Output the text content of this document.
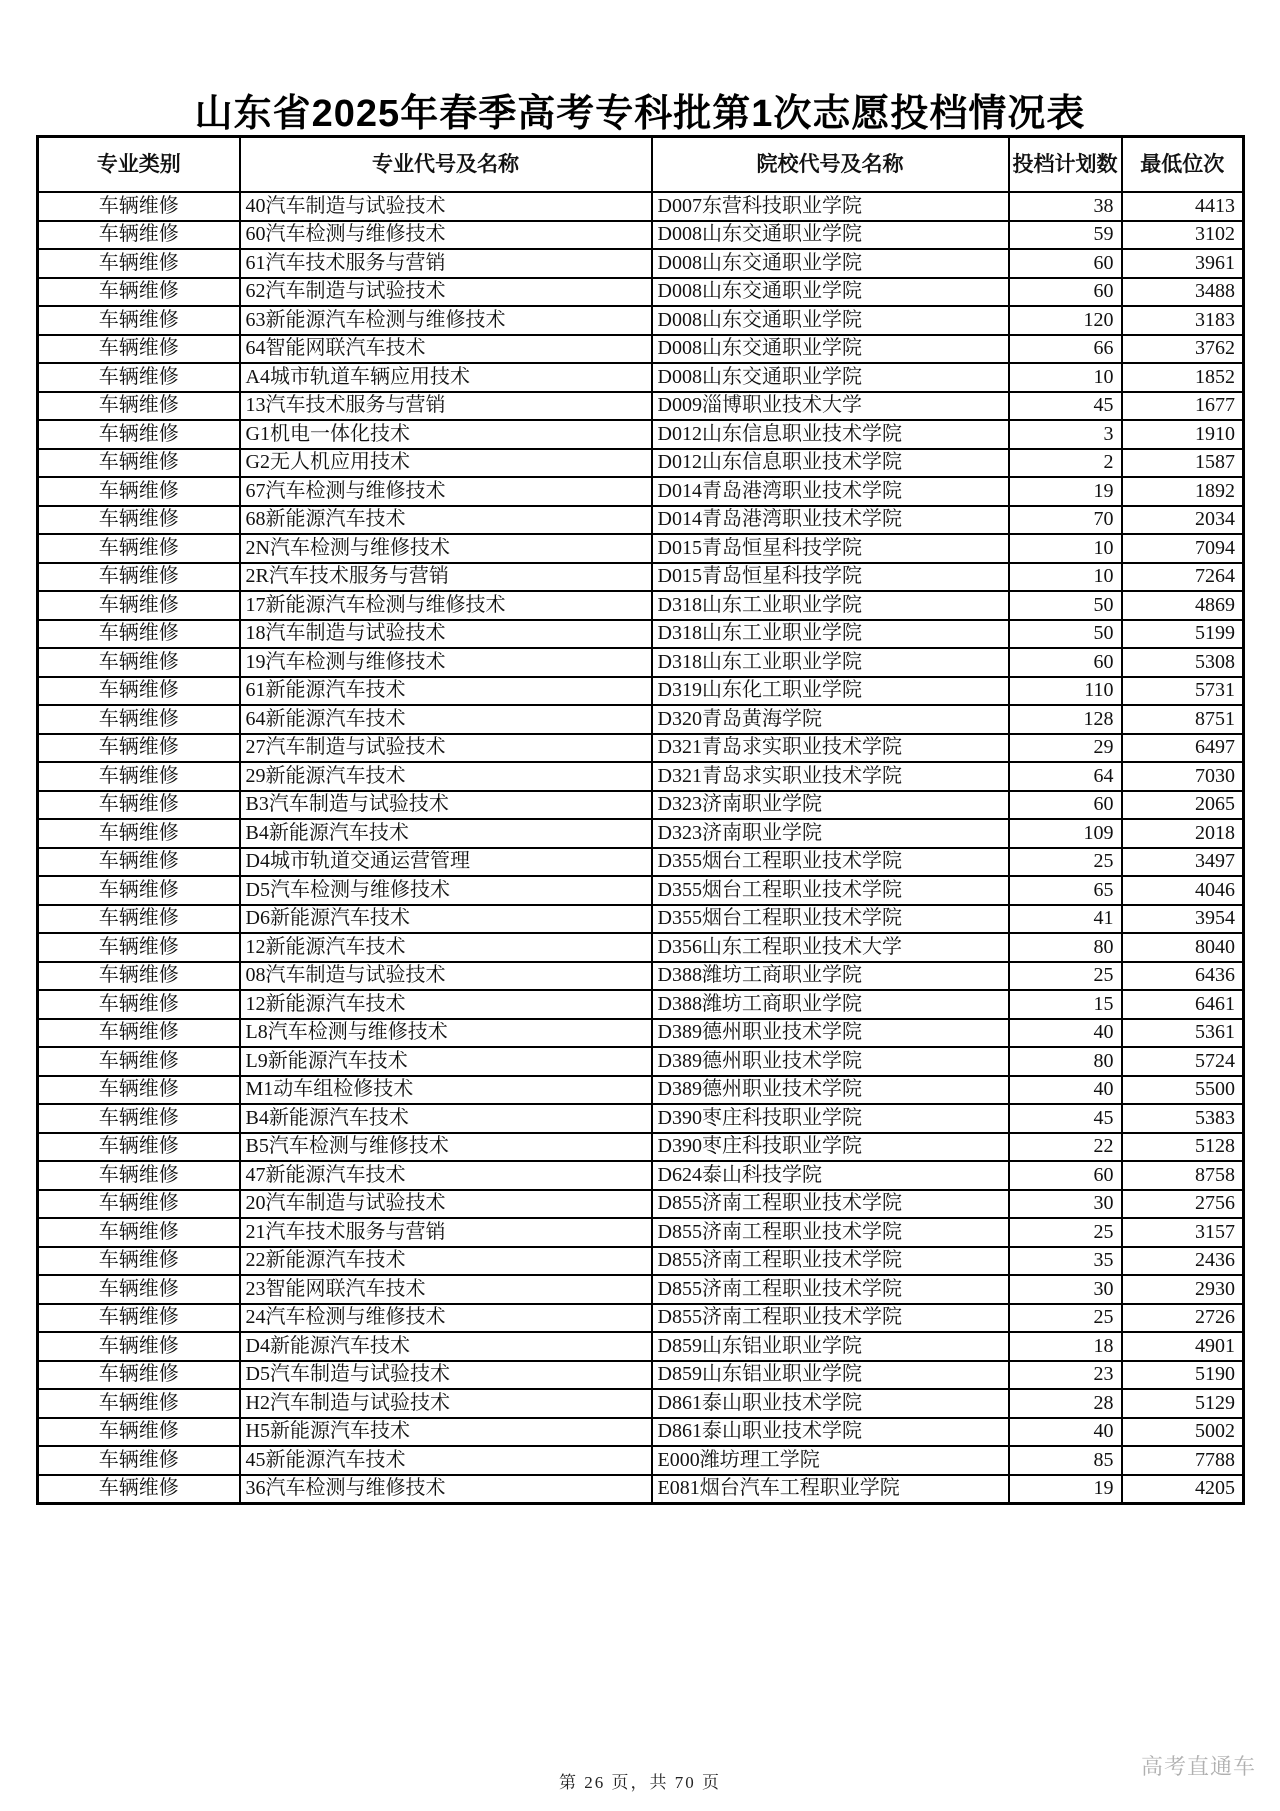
山东省2025年春季高考专科批第1次志愿投档情况表
专业类别	专业代号及名称	院校代号及名称	投档计划数	最低位次
车辆维修	40汽车制造与试验技术	D007东营科技职业学院	38	4413
车辆维修	60汽车检测与维修技术	D008山东交通职业学院	59	3102
车辆维修	61汽车技术服务与营销	D008山东交通职业学院	60	3961
车辆维修	62汽车制造与试验技术	D008山东交通职业学院	60	3488
车辆维修	63新能源汽车检测与维修技术	D008山东交通职业学院	120	3183
车辆维修	64智能网联汽车技术	D008山东交通职业学院	66	3762
车辆维修	A4城市轨道车辆应用技术	D008山东交通职业学院	10	1852
车辆维修	13汽车技术服务与营销	D009淄博职业技术大学	45	1677
车辆维修	G1机电一体化技术	D012山东信息职业技术学院	3	1910
车辆维修	G2无人机应用技术	D012山东信息职业技术学院	2	1587
车辆维修	67汽车检测与维修技术	D014青岛港湾职业技术学院	19	1892
车辆维修	68新能源汽车技术	D014青岛港湾职业技术学院	70	2034
车辆维修	2N汽车检测与维修技术	D015青岛恒星科技学院	10	7094
车辆维修	2R汽车技术服务与营销	D015青岛恒星科技学院	10	7264
车辆维修	17新能源汽车检测与维修技术	D318山东工业职业学院	50	4869
车辆维修	18汽车制造与试验技术	D318山东工业职业学院	50	5199
车辆维修	19汽车检测与维修技术	D318山东工业职业学院	60	5308
车辆维修	61新能源汽车技术	D319山东化工职业学院	110	5731
车辆维修	64新能源汽车技术	D320青岛黄海学院	128	8751
车辆维修	27汽车制造与试验技术	D321青岛求实职业技术学院	29	6497
车辆维修	29新能源汽车技术	D321青岛求实职业技术学院	64	7030
车辆维修	B3汽车制造与试验技术	D323济南职业学院	60	2065
车辆维修	B4新能源汽车技术	D323济南职业学院	109	2018
车辆维修	D4城市轨道交通运营管理	D355烟台工程职业技术学院	25	3497
车辆维修	D5汽车检测与维修技术	D355烟台工程职业技术学院	65	4046
车辆维修	D6新能源汽车技术	D355烟台工程职业技术学院	41	3954
车辆维修	12新能源汽车技术	D356山东工程职业技术大学	80	8040
车辆维修	08汽车制造与试验技术	D388潍坊工商职业学院	25	6436
车辆维修	12新能源汽车技术	D388潍坊工商职业学院	15	6461
车辆维修	L8汽车检测与维修技术	D389德州职业技术学院	40	5361
车辆维修	L9新能源汽车技术	D389德州职业技术学院	80	5724
车辆维修	M1动车组检修技术	D389德州职业技术学院	40	5500
车辆维修	B4新能源汽车技术	D390枣庄科技职业学院	45	5383
车辆维修	B5汽车检测与维修技术	D390枣庄科技职业学院	22	5128
车辆维修	47新能源汽车技术	D624泰山科技学院	60	8758
车辆维修	20汽车制造与试验技术	D855济南工程职业技术学院	30	2756
车辆维修	21汽车技术服务与营销	D855济南工程职业技术学院	25	3157
车辆维修	22新能源汽车技术	D855济南工程职业技术学院	35	2436
车辆维修	23智能网联汽车技术	D855济南工程职业技术学院	30	2930
车辆维修	24汽车检测与维修技术	D855济南工程职业技术学院	25	2726
车辆维修	D4新能源汽车技术	D859山东铝业职业学院	18	4901
车辆维修	D5汽车制造与试验技术	D859山东铝业职业学院	23	5190
车辆维修	H2汽车制造与试验技术	D861泰山职业技术学院	28	5129
车辆维修	H5新能源汽车技术	D861泰山职业技术学院	40	5002
车辆维修	45新能源汽车技术	E000潍坊理工学院	85	7788
车辆维修	36汽车检测与维修技术	E081烟台汽车工程职业学院	19	4205
第 26 页，共 70 页
高考直通车
